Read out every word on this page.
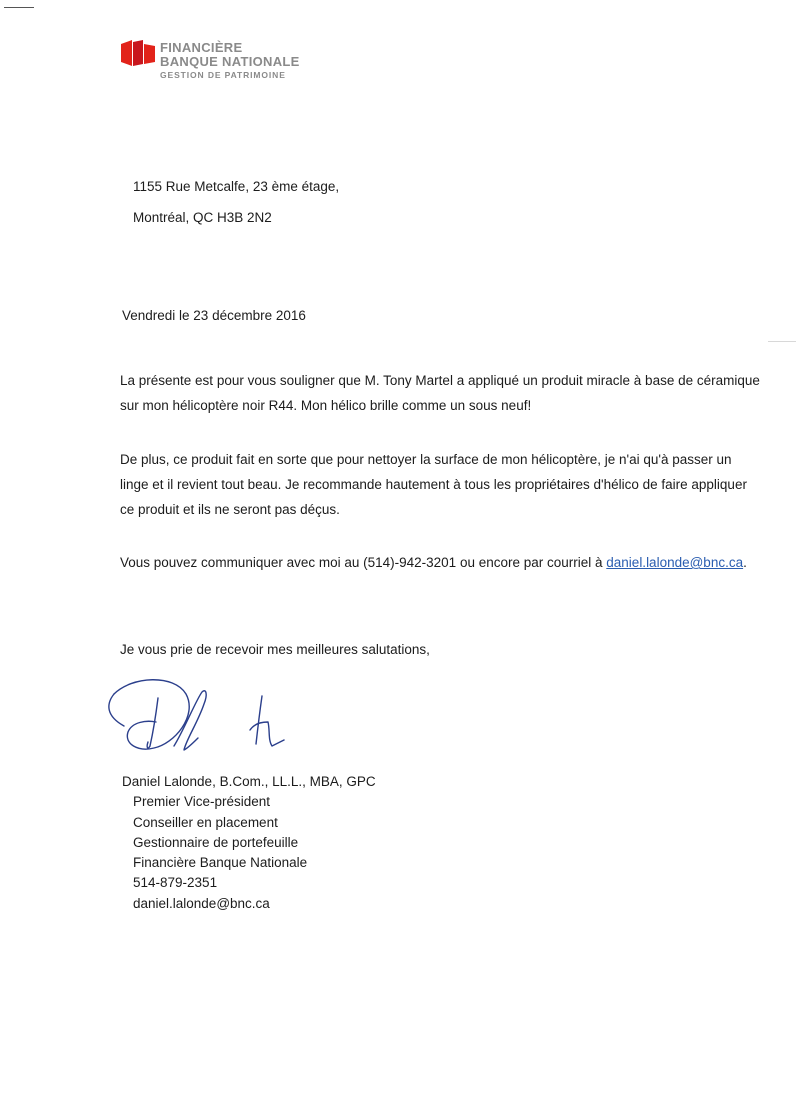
FINANCIÈRE
BANQUE NATIONALE
GESTION DE PATRIMOINE
1155 Rue Metcalfe, 23 ème étage,
Montréal, QC H3B 2N2
Vendredi le 23 décembre 2016
La présente est pour vous souligner que M. Tony Martel a appliqué un produit miracle à base de céramique sur mon hélicoptère noir R44. Mon hélico brille comme un sous neuf!
De plus, ce produit fait en sorte que pour nettoyer la surface de mon hélicoptère, je n'ai qu'à passer un linge et il revient tout beau. Je recommande hautement à tous les propriétaires d'hélico de faire appliquer ce produit et ils ne seront pas déçus.
Vous pouvez communiquer avec moi au (514)-942-3201 ou encore par courriel à daniel.lalonde@bnc.ca.
Je vous prie de recevoir mes meilleures salutations,
Daniel Lalonde, B.Com., LL.L., MBA, GPC
Premier Vice-président
Conseiller en placement
Gestionnaire de portefeuille
Financière Banque Nationale
514-879-2351
daniel.lalonde@bnc.ca
